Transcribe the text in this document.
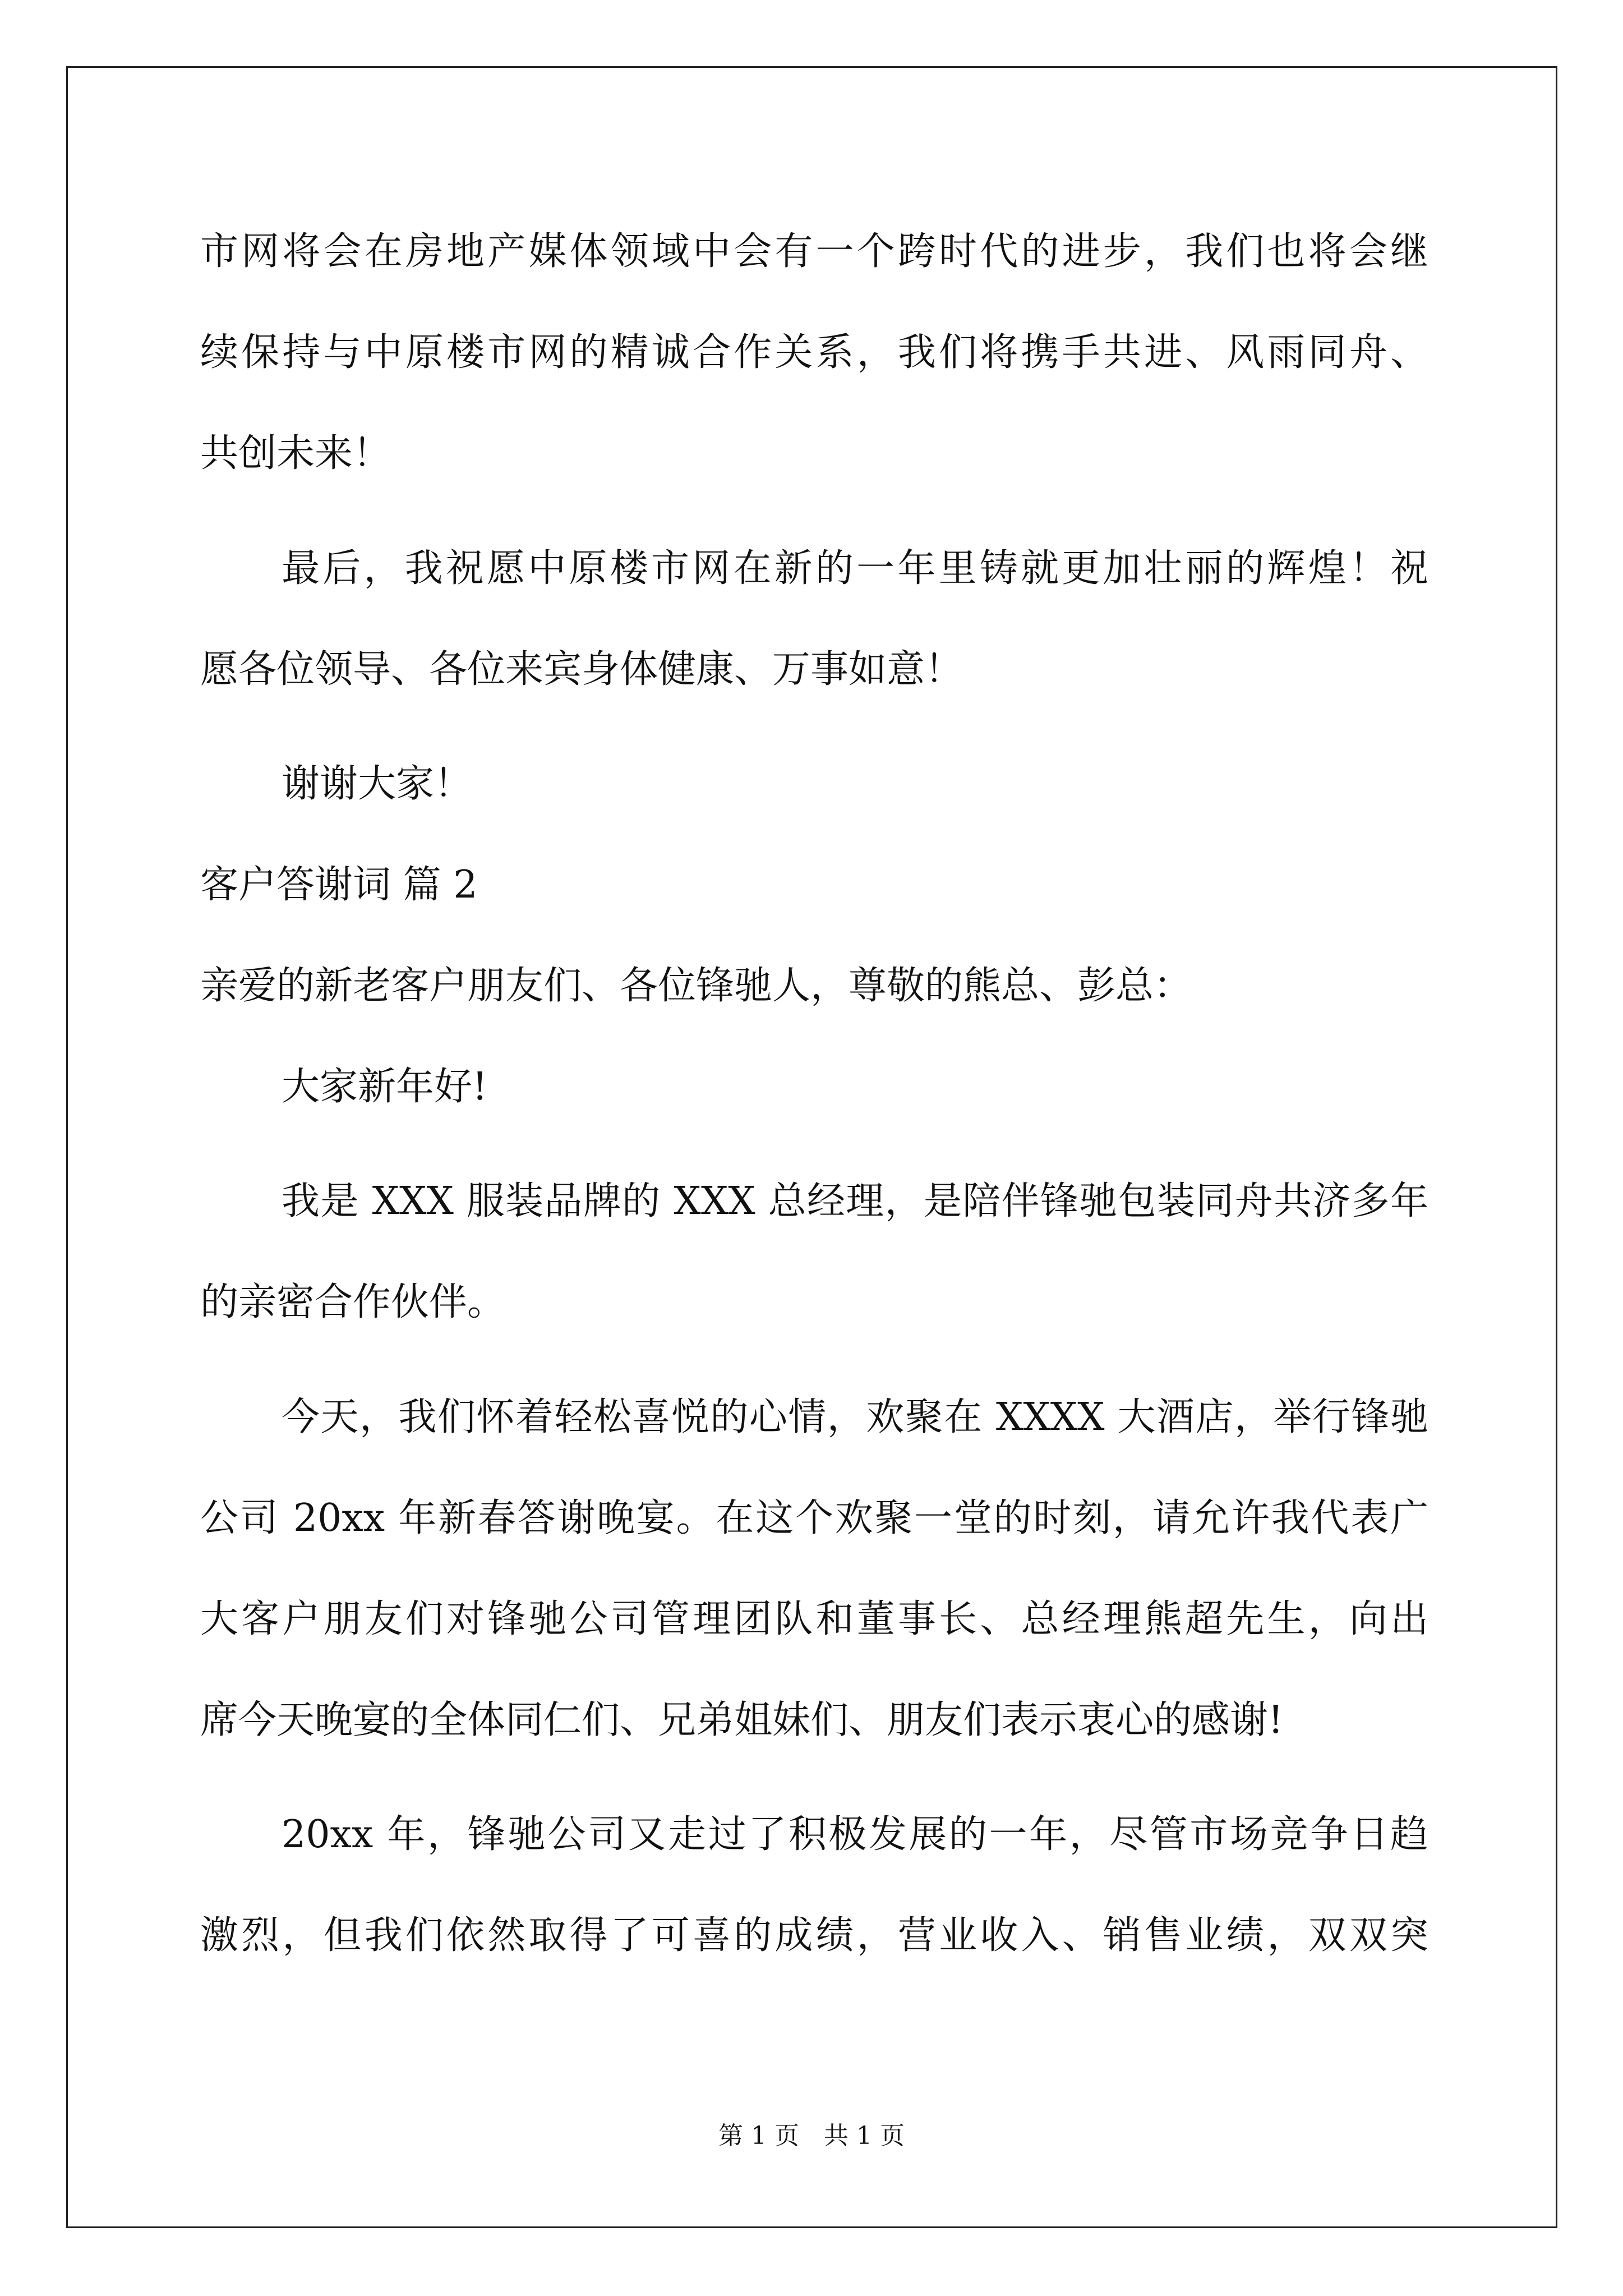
市网将会在房地产媒体领域中会有一个跨时代的进步，我们也将会继
续保持与中原楼市网的精诚合作关系，我们将携手共进、风雨同舟、
共创未来！
最后，我祝愿中原楼市网在新的一年里铸就更加壮丽的辉煌！祝
愿各位领导、各位来宾身体健康、万事如意！
谢谢大家！
客户答谢词 篇 2
亲爱的新老客户朋友们、各位锋驰人，尊敬的熊总、彭总：
大家新年好!
我是 XXX 服装品牌的 XXX 总经理，是陪伴锋驰包装同舟共济多年
的亲密合作伙伴。
今天，我们怀着轻松喜悦的心情，欢聚在 XXXX 大酒店，举行锋驰
公司 20xx 年新春答谢晚宴。在这个欢聚一堂的时刻，请允许我代表广
大客户朋友们对锋驰公司管理团队和董事长、总经理熊超先生，向出
席今天晚宴的全体同仁们、兄弟姐妹们、朋友们表示衷心的感谢!
20xx 年，锋驰公司又走过了积极发展的一年，尽管市场竞争日趋
激烈，但我们依然取得了可喜的成绩，营业收入、销售业绩，双双突
第 1 页　共 1 页
